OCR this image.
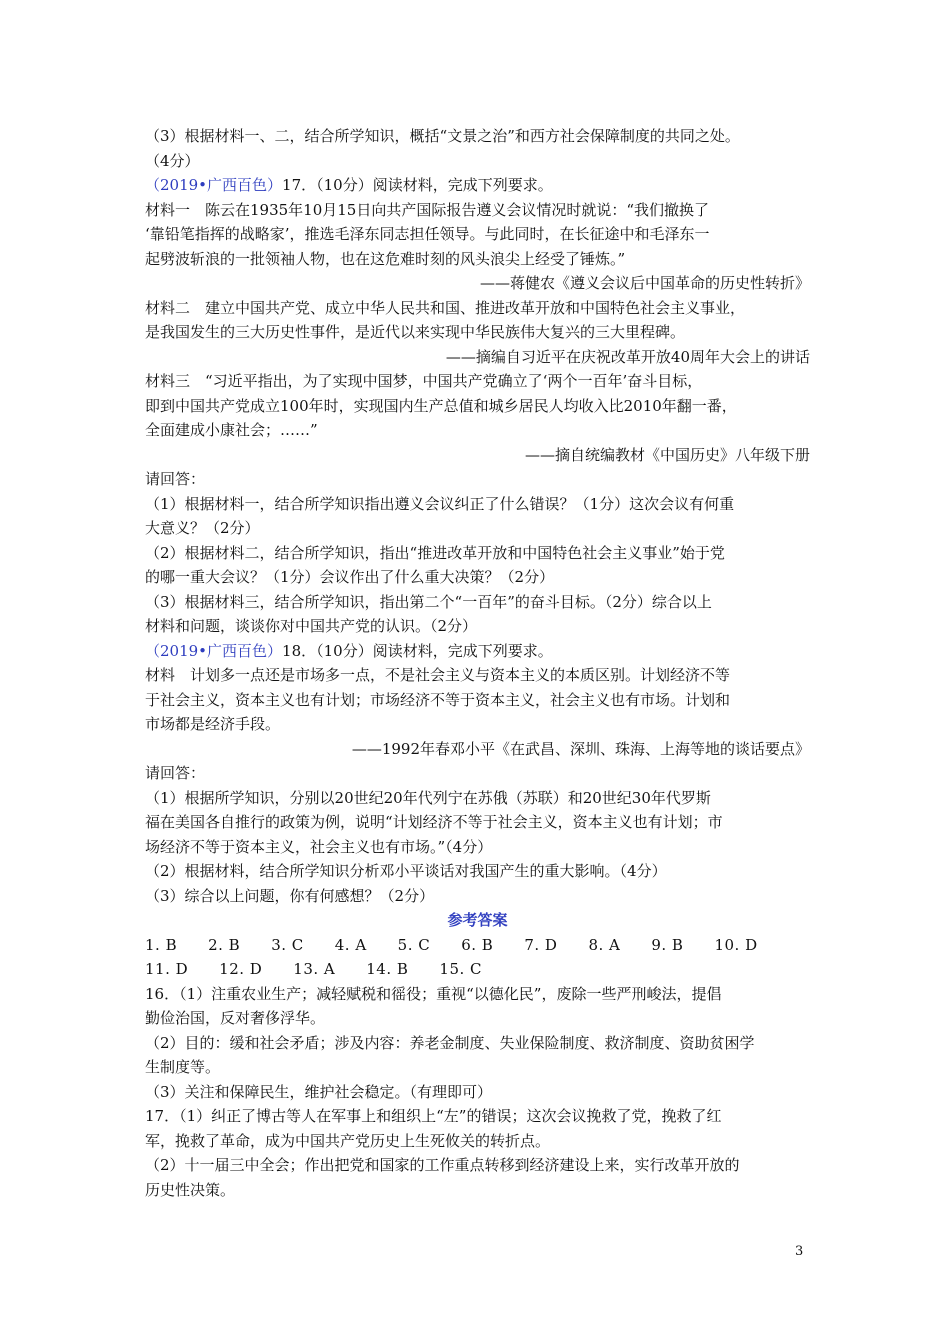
（3）根据材料一、二，结合所学知识，概括“文景之治”和西方社会保障制度的共同之处。
（4分）
（2019•广西百色）17．（10分）阅读材料，完成下列要求。
材料一　陈云在1935年10月15日向共产国际报告遵义会议情况时就说：“我们撤换了
‘靠铅笔指挥的战略家’，推选毛泽东同志担任领导。与此同时，在长征途中和毛泽东一
起劈波斩浪的一批领袖人物，也在这危难时刻的风头浪尖上经受了锤炼。”
——蒋健农《遵义会议后中国革命的历史性转折》
材料二　建立中国共产党、成立中华人民共和国、推进改革开放和中国特色社会主义事业，
是我国发生的三大历史性事件，是近代以来实现中华民族伟大复兴的三大里程碑。
——摘编自习近平在庆祝改革开放40周年大会上的讲话
材料三　“习近平指出，为了实现中国梦，中国共产党确立了‘两个一百年’奋斗目标，
即到中国共产党成立100年时，实现国内生产总值和城乡居民人均收入比2010年翻一番，
全面建成小康社会；……”
——摘自统编教材《中国历史》八年级下册
请回答：
（1）根据材料一，结合所学知识指出遵义会议纠正了什么错误？（1分）这次会议有何重
大意义？（2分）
（2）根据材料二，结合所学知识，指出“推进改革开放和中国特色社会主义事业”始于党
的哪一重大会议？（1分）会议作出了什么重大决策？（2分）
（3）根据材料三，结合所学知识，指出第二个“一百年”的奋斗目标。（2分）综合以上
材料和问题，谈谈你对中国共产党的认识。（2分）
（2019•广西百色）18．（10分）阅读材料，完成下列要求。
材料　计划多一点还是市场多一点，不是社会主义与资本主义的本质区别。计划经济不等
于社会主义，资本主义也有计划；市场经济不等于资本主义，社会主义也有市场。计划和
市场都是经济手段。
——1992年春邓小平《在武昌、深圳、珠海、上海等地的谈话要点》
请回答：
（1）根据所学知识，分别以20世纪20年代列宁在苏俄（苏联）和20世纪30年代罗斯
福在美国各自推行的政策为例，说明“计划经济不等于社会主义，资本主义也有计划；市
场经济不等于资本主义，社会主义也有市场。”（4分）
（2）根据材料，结合所学知识分析邓小平谈话对我国产生的重大影响。（4分）
（3）综合以上问题，你有何感想？（2分）
参考答案
1. B　　2. B　　3. C　　4. A　　5. C　　6. B　　7. D　　8. A　　9. B　　10. D
11. D　　12. D　　13. A　　14. B　　15. C
16．（1）注重农业生产；减轻赋税和徭役；重视“以德化民”，废除一些严刑峻法，提倡
勤俭治国，反对奢侈浮华。
（2）目的：缓和社会矛盾；涉及内容：养老金制度、失业保险制度、救济制度、资助贫困学
生制度等。
（3）关注和保障民生，维护社会稳定。（有理即可）
17．（1）纠正了博古等人在军事上和组织上“左”的错误；这次会议挽救了党，挽救了红
军，挽救了革命，成为中国共产党历史上生死攸关的转折点。
（2）十一届三中全会；作出把党和国家的工作重点转移到经济建设上来，实行改革开放的
历史性决策。
3
